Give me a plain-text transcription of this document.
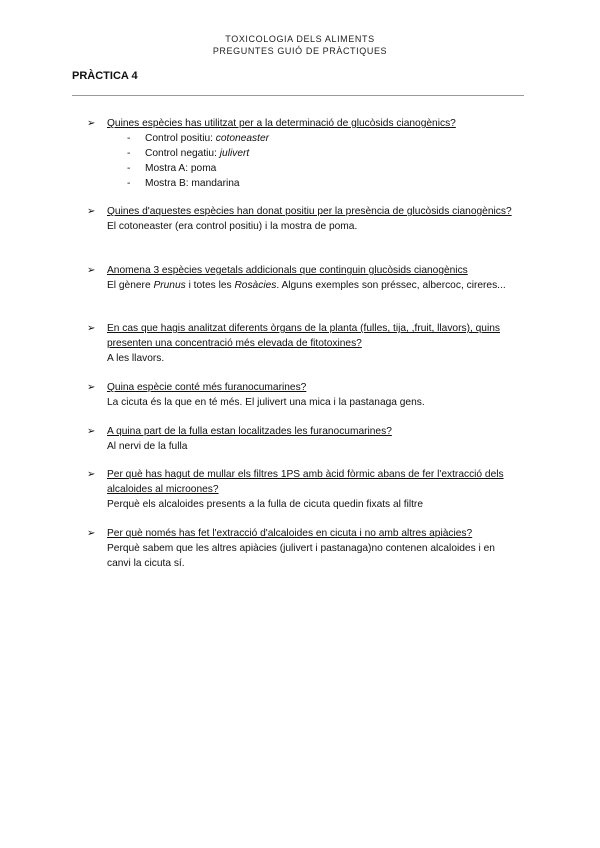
TOXICOLOGIA DELS ALIMENTS
PREGUNTES GUIÓ DE PRÀCTIQUES
PRÀCTICA 4
➢ Quines espècies has utilitzat per a la determinació de glucòsids cianogènics?
- Control positiu: cotoneaster
- Control negatiu: julivert
- Mostra A: poma
- Mostra B: mandarina
➢ Quines d'aquestes espècies han donat positiu per la presència de glucòsids cianogènics?
El cotoneaster (era control positiu) i la mostra de poma.
➢ Anomena 3 espècies vegetals addicionals que continguin glucòsids cianogènics
El gènere Prunus i totes les Rosàcies. Alguns exemples son préssec, albercoc, cireres...
➢ En cas que hagis analitzat diferents òrgans de la planta (fulles, tija, ,fruit, llavors), quins presenten una concentració més elevada de fitotoxines?
A les llavors.
➢ Quina espècie conté més furanocumarines?
La cicuta és la que en té més. El julivert una mica i la pastanaga gens.
➢ A quina part de la fulla estan localitzades les furanocumarines?
Al nervi de la fulla
➢ Per què has hagut de mullar els filtres 1PS amb àcid fòrmic abans de fer l'extracció dels alcaloides al microones?
Perquè els alcaloides presents a la fulla de cicuta quedin fixats al filtre
➢ Per què només has fet l'extracció d'alcaloides en cicuta i no amb altres apiàcies?
Perquè sabem que les altres apiàcies (julivert i pastanaga)no contenen alcaloides i en canvi la cicuta sí.
